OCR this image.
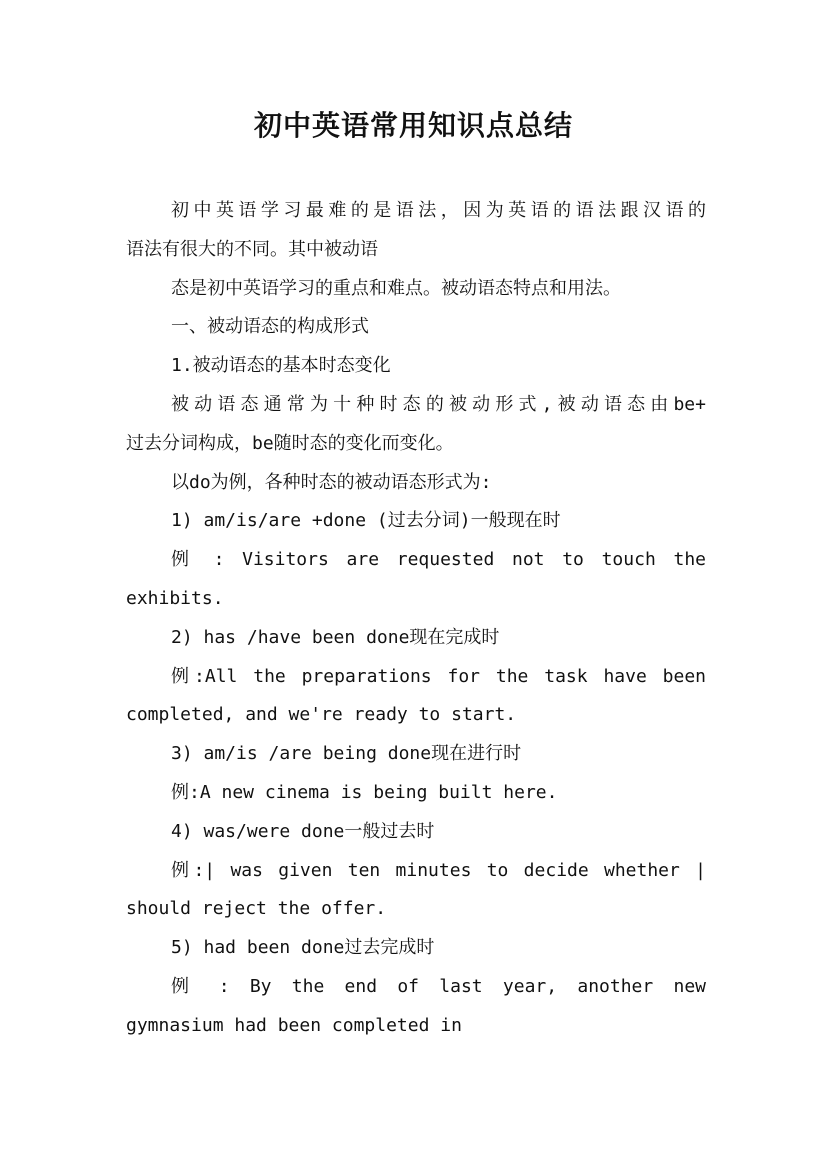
初中英语常用知识点总结
初中英语学习最难的是语法，因为英语的语法跟汉语的
语法有很大的不同。其中被动语
态是初中英语学习的重点和难点。被动语态特点和用法。
一、被动语态的构成形式
1.被动语态的基本时态变化
被动语态通常为十种时态的被动形式,被动语态由be+
过去分词构成，be随时态的变化而变化。
以do为例，各种时态的被动语态形式为:
1) am/is/are +done (过去分词)一般现在时
例 : Visitors are requested not to touch the
exhibits.
2) has /have been done现在完成时
例:All the preparations for the task have been
completed, and we're ready to start.
3) am/is /are being done现在进行时
例:A new cinema is being built here.
4) was/were done一般过去时
例:| was given ten minutes to decide whether |
should reject the offer.
5) had been done过去完成时
例 : By the end of last year, another new
gymnasium had been completed in
